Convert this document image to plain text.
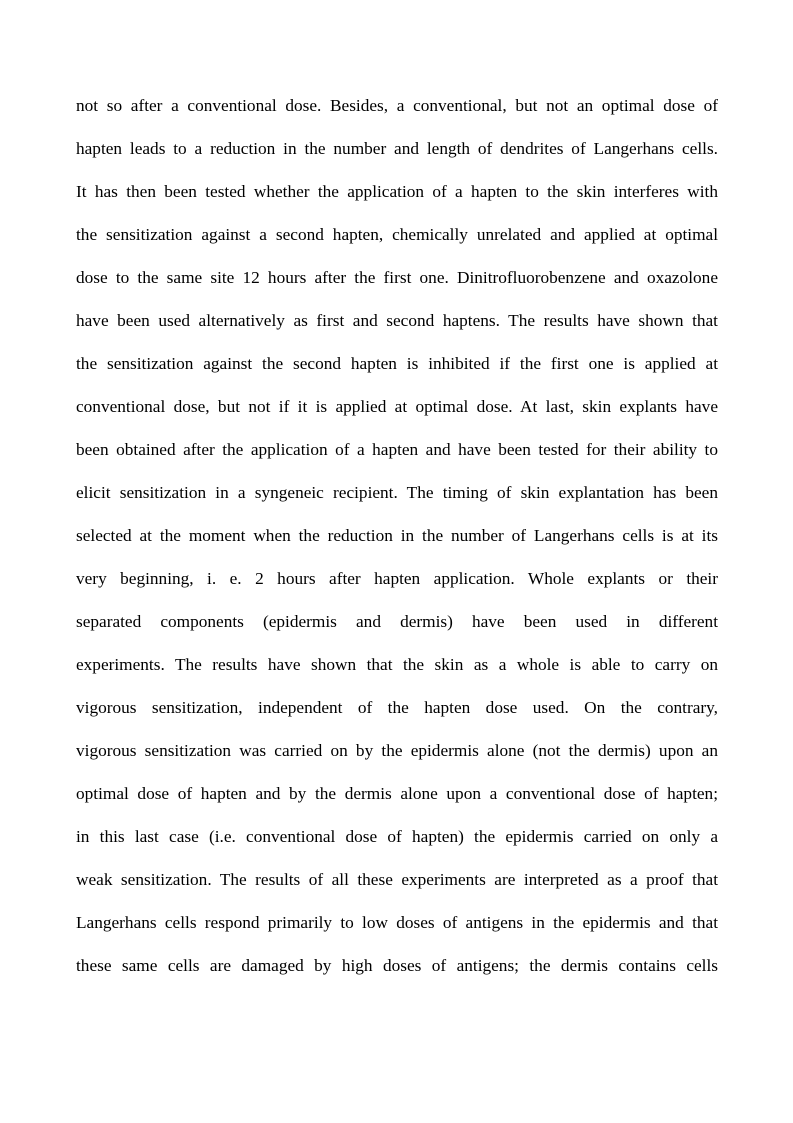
not so after a conventional dose. Besides, a conventional, but not an optimal dose of
hapten leads to a reduction in the number and length of dendrites of Langerhans cells.
It has then been tested whether the application of a hapten to the skin interferes with
the sensitization against a second hapten, chemically unrelated and applied at optimal
dose to the same site 12 hours after the first one. Dinitrofluorobenzene and oxazolone
have been used alternatively as first and second haptens. The results have shown that
the sensitization against the second hapten is inhibited if the first one is applied at
conventional dose, but not if it is applied at optimal dose. At last, skin explants have
been obtained after the application of a hapten and have been tested for their ability to
elicit sensitization in a syngeneic recipient. The timing of skin explantation has been
selected at the moment when the reduction in the number of Langerhans cells is at its
very beginning, i. e. 2 hours after hapten application. Whole explants or their
separated components (epidermis and dermis) have been used in different
experiments. The results have shown that the skin as a whole is able to carry on
vigorous sensitization, independent of the hapten dose used. On the contrary,
vigorous sensitization was carried on by the epidermis alone (not the dermis) upon an
optimal dose of hapten and by the dermis alone upon a conventional dose of hapten;
in this last case (i.e. conventional dose of hapten) the epidermis carried on only a
weak sensitization. The results of all these experiments are interpreted as a proof that
Langerhans cells respond primarily to low doses of antigens in the epidermis and that
these same cells are damaged by high doses of antigens; the dermis contains cells
